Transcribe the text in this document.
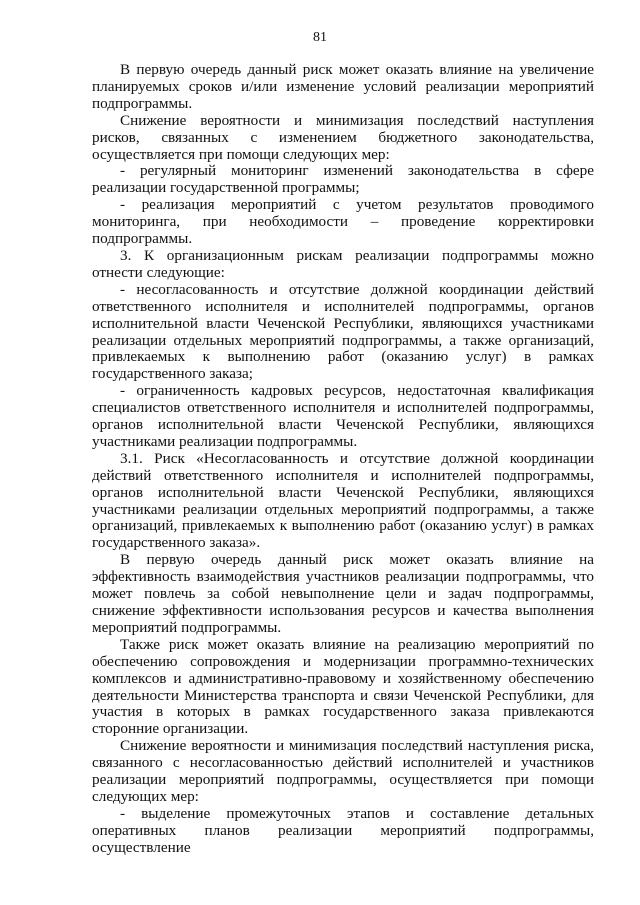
81

В первую очередь данный риск может оказать влияние на увеличение планируемых сроков и/или изменение условий реализации мероприятий подпрограммы.

Снижение вероятности и минимизация последствий наступления рисков, связанных с изменением бюджетного законодательства, осуществляется при помощи следующих мер:

- регулярный мониторинг изменений законодательства в сфере реализации государственной программы;

- реализация мероприятий с учетом результатов проводимого мониторинга, при необходимости – проведение корректировки подпрограммы.

3. К организационным рискам реализации подпрограммы можно отнести следующие:

- несогласованность и отсутствие должной координации действий ответственного исполнителя и исполнителей подпрограммы, органов исполнительной власти Чеченской Республики, являющихся участниками реализации отдельных мероприятий подпрограммы, а также организаций, привлекаемых к выполнению работ (оказанию услуг) в рамках государственного заказа;

- ограниченность кадровых ресурсов, недостаточная квалификация специалистов ответственного исполнителя и исполнителей подпрограммы, органов исполнительной власти Чеченской Республики, являющихся участниками реализации подпрограммы.

3.1. Риск «Несогласованность и отсутствие должной координации действий ответственного исполнителя и исполнителей подпрограммы, органов исполнительной власти Чеченской Республики, являющихся участниками реализации отдельных мероприятий подпрограммы, а также организаций, привлекаемых к выполнению работ (оказанию услуг) в рамках государственного заказа».

В первую очередь данный риск может оказать влияние на эффективность взаимодействия участников реализации подпрограммы, что может повлечь за собой невыполнение цели и задач подпрограммы, снижение эффективности использования ресурсов и качества выполнения мероприятий подпрограммы.

Также риск может оказать влияние на реализацию мероприятий по обеспечению сопровождения и модернизации программно-технических комплексов и административно-правовому и хозяйственному обеспечению деятельности Министерства транспорта и связи Чеченской Республики, для участия в которых в рамках государственного заказа привлекаются сторонние организации.

Снижение вероятности и минимизация последствий наступления риска, связанного с несогласованностью действий исполнителей и участников реализации мероприятий подпрограммы, осуществляется при помощи следующих мер:

- выделение промежуточных этапов и составление детальных оперативных планов реализации мероприятий подпрограммы, осуществление
